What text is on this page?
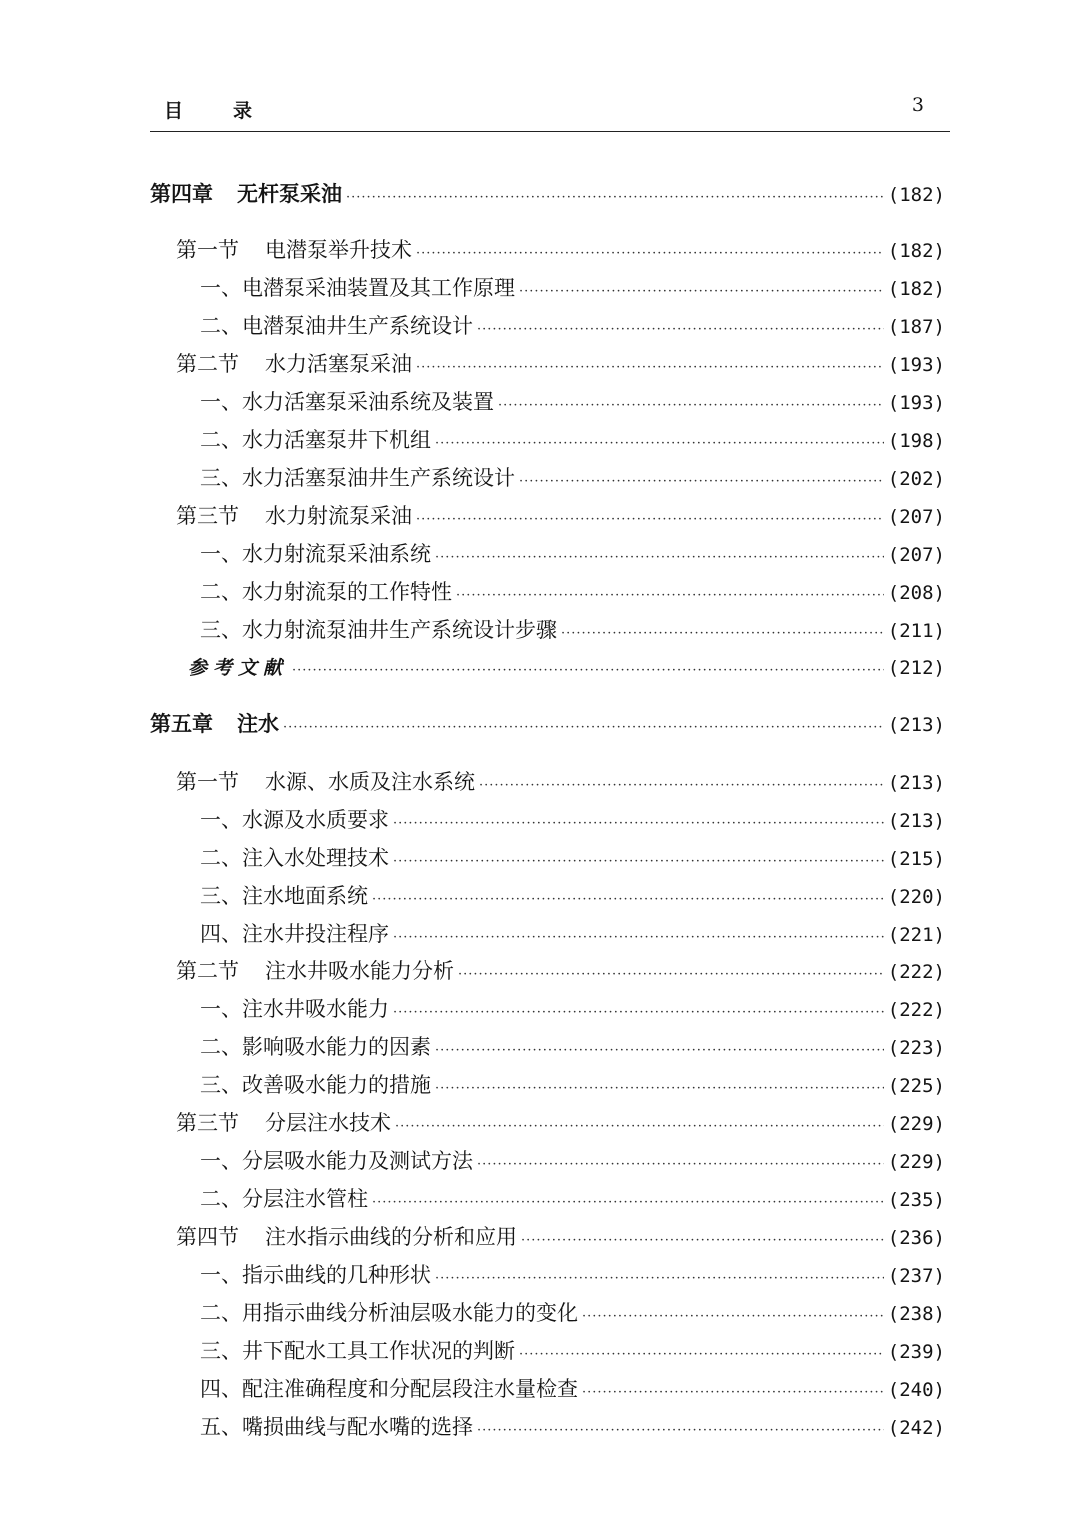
目录	3
第四章 无杆泵采油 ·····	(182)
第一节 电潜泵举升技术 ·····	(182)
一、电潜泵采油装置及其工作原理 ·····	(182)
二、电潜泵油井生产系统设计 ·····	(187)
第二节 水力活塞泵采油 ·····	(193)
一、水力活塞泵采油系统及装置 ·····	(193)
二、水力活塞泵井下机组 ·····	(198)
三、水力活塞泵油井生产系统设计 ·····	(202)
第三节 水力射流泵采油 ·····	(207)
一、水力射流泵采油系统 ·····	(207)
二、水力射流泵的工作特性 ·····	(208)
三、水力射流泵油井生产系统设计步骤 ·····	(211)
参考文献 ·····	(212)
第五章 注水 ·····	(213)
第一节 水源、水质及注水系统 ·····	(213)
一、水源及水质要求 ·····	(213)
二、注入水处理技术 ·····	(215)
三、注水地面系统 ·····	(220)
四、注水井投注程序 ·····	(221)
第二节 注水井吸水能力分析 ·····	(222)
一、注水井吸水能力 ·····	(222)
二、影响吸水能力的因素 ·····	(223)
三、改善吸水能力的措施 ·····	(225)
第三节 分层注水技术 ·····	(229)
一、分层吸水能力及测试方法 ·····	(229)
二、分层注水管柱 ·····	(235)
第四节 注水指示曲线的分析和应用 ·····	(236)
一、指示曲线的几种形状 ·····	(237)
二、用指示曲线分析油层吸水能力的变化 ·····	(238)
三、井下配水工具工作状况的判断 ·····	(239)
四、配注准确程度和分配层段注水量检查 ·····	(240)
五、嘴损曲线与配水嘴的选择 ·····	(242)
